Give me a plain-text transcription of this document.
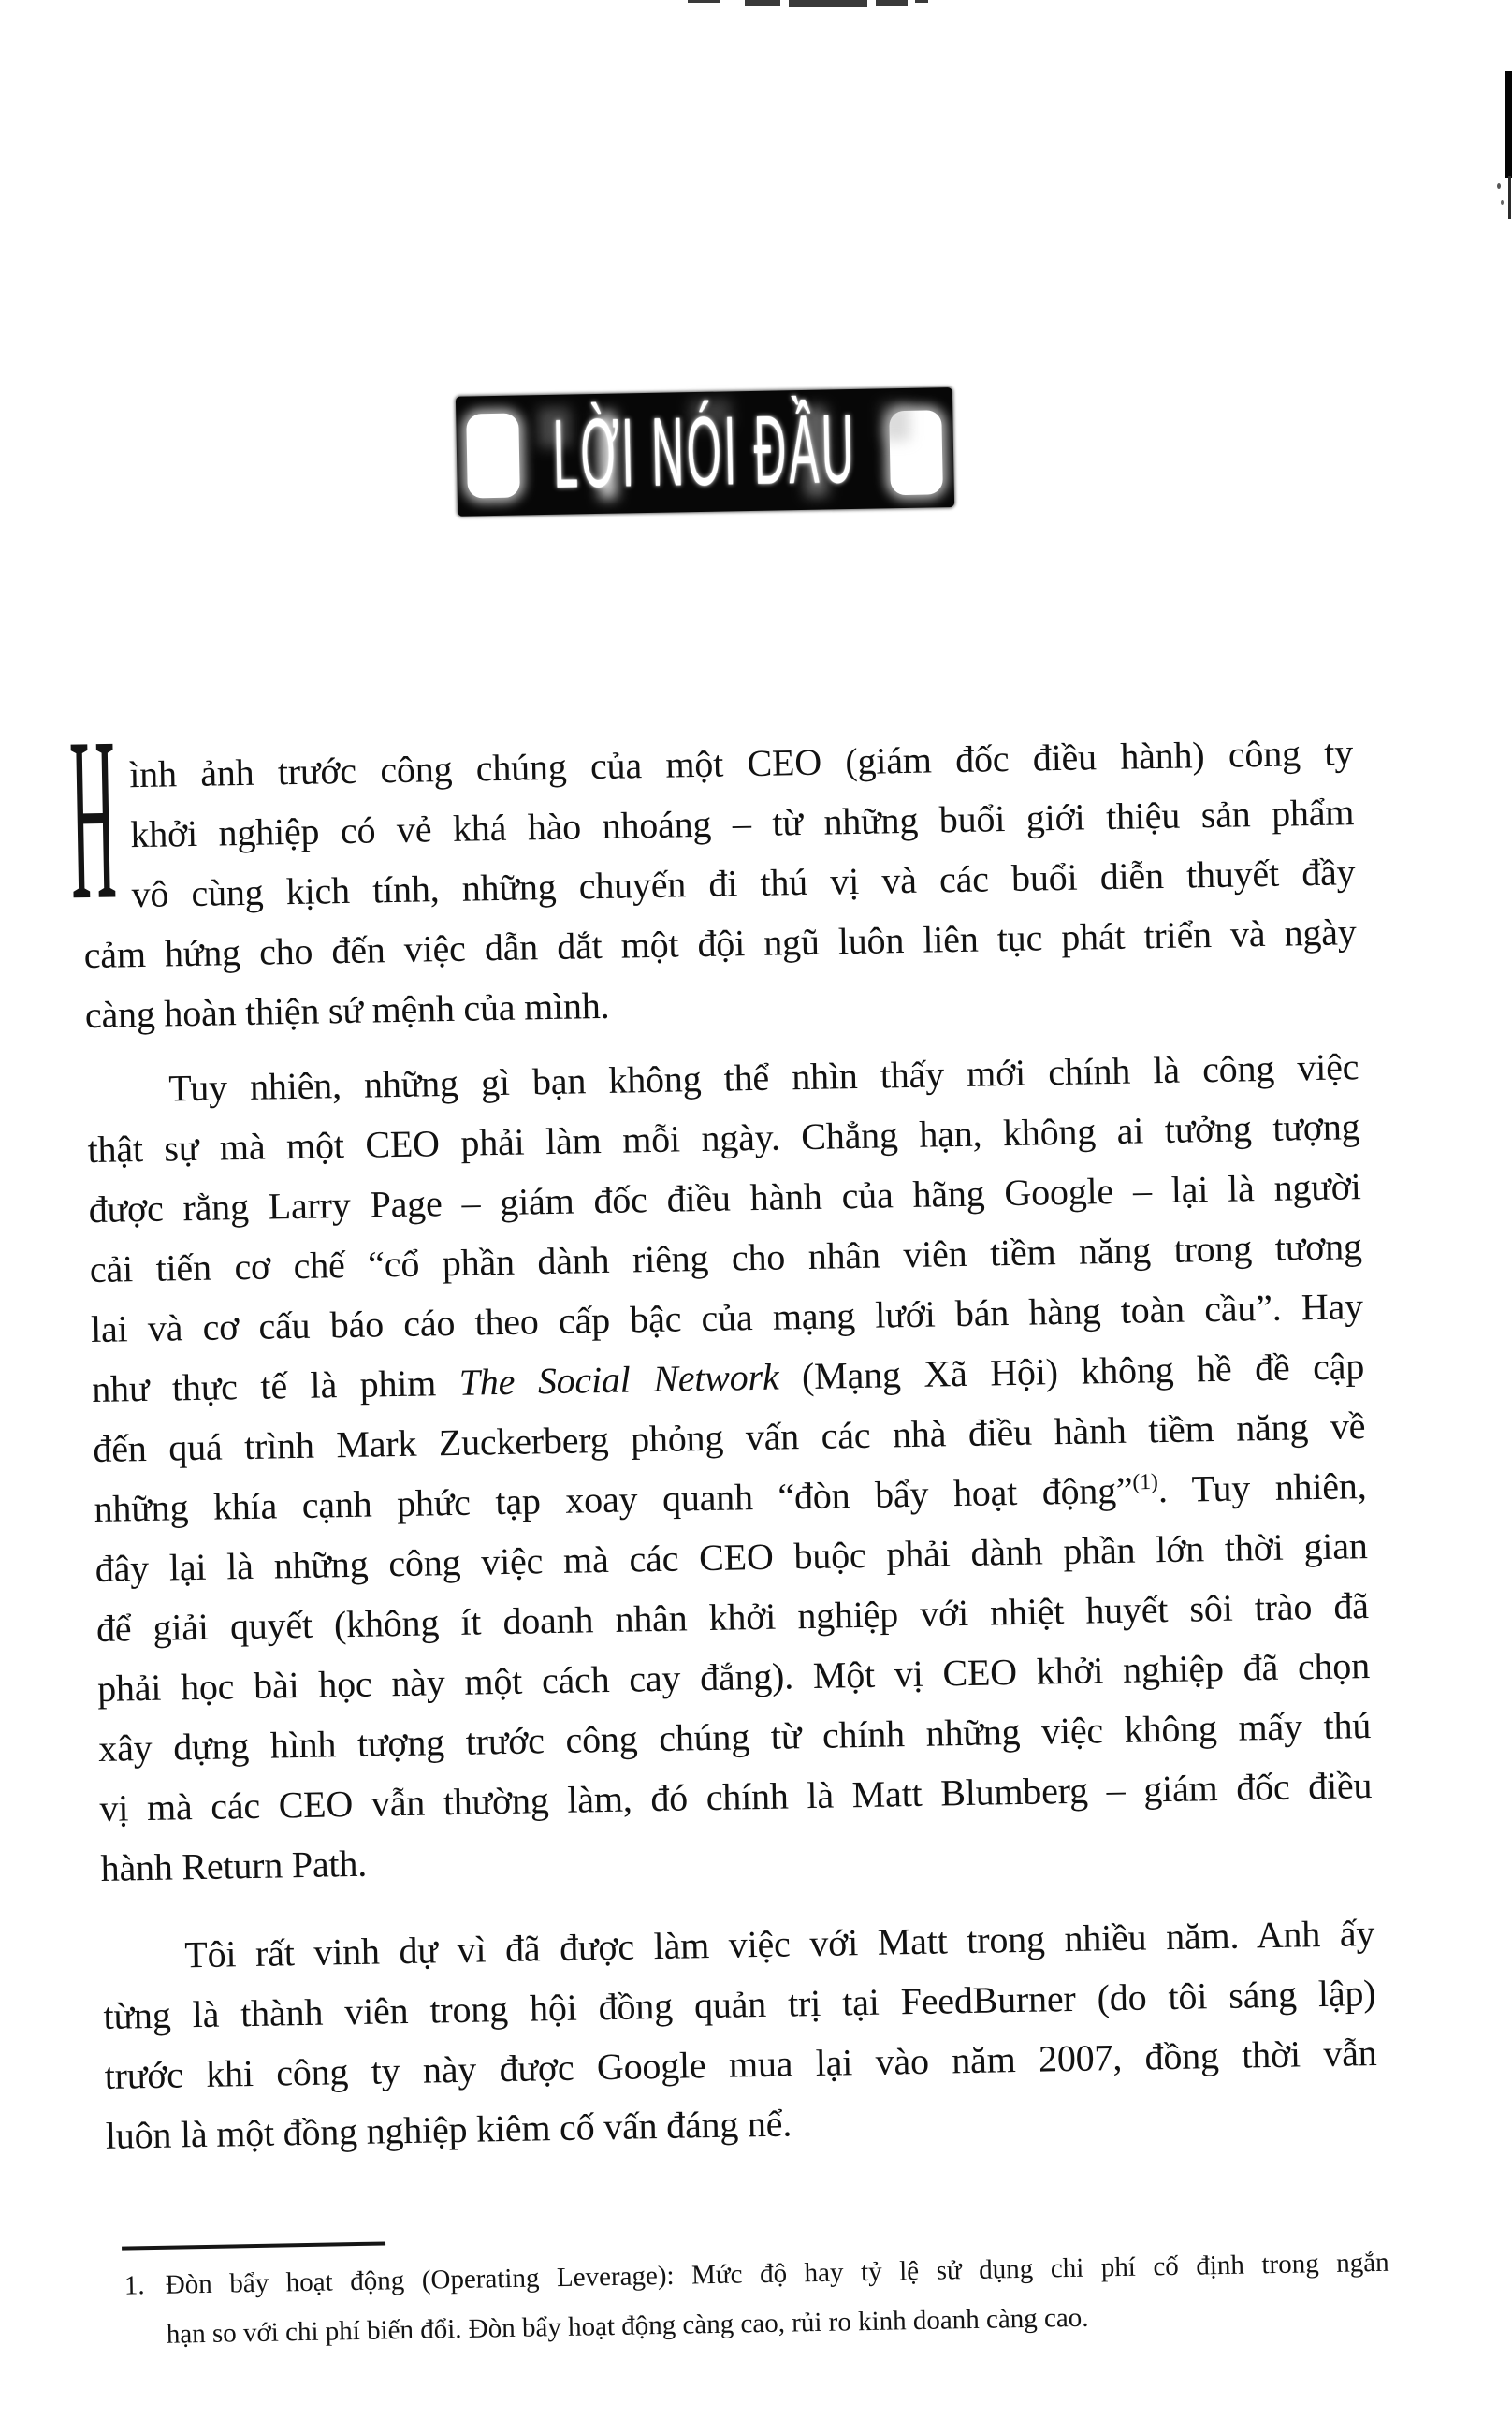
LỜI NÓI ĐẦU
H ình ảnh trước công chúng của một CEO (giám đốc điều hành) công ty
khởi nghiệp có vẻ khá hào nhoáng – từ những buổi giới thiệu sản phẩm
vô cùng kịch tính, những chuyến đi thú vị và các buổi diễn thuyết đầy
cảm hứng cho đến việc dẫn dắt một đội ngũ luôn liên tục phát triển và ngày
càng hoàn thiện sứ mệnh của mình.
Tuy nhiên, những gì bạn không thể nhìn thấy mới chính là công việc
thật sự mà một CEO phải làm mỗi ngày. Chẳng hạn, không ai tưởng tượng
được rằng Larry Page – giám đốc điều hành của hãng Google – lại là người
cải tiến cơ chế “cổ phần dành riêng cho nhân viên tiềm năng trong tương
lai và cơ cấu báo cáo theo cấp bậc của mạng lưới bán hàng toàn cầu”. Hay
như thực tế là phim The Social Network (Mạng Xã Hội) không hề đề cập
đến quá trình Mark Zuckerberg phỏng vấn các nhà điều hành tiềm năng về
những khía cạnh phức tạp xoay quanh “đòn bẩy hoạt động”$^{(1)}$. Tuy nhiên,
đây lại là những công việc mà các CEO buộc phải dành phần lớn thời gian
để giải quyết (không ít doanh nhân khởi nghiệp với nhiệt huyết sôi trào đã
phải học bài học này một cách cay đắng). Một vị CEO khởi nghiệp đã chọn
xây dựng hình tượng trước công chúng từ chính những việc không mấy thú
vị mà các CEO vẫn thường làm, đó chính là Matt Blumberg – giám đốc điều
hành Return Path.
Tôi rất vinh dự vì đã được làm việc với Matt trong nhiều năm. Anh ấy
từng là thành viên trong hội đồng quản trị tại FeedBurner (do tôi sáng lập)
trước khi công ty này được Google mua lại vào năm 2007, đồng thời vẫn
luôn là một đồng nghiệp kiêm cố vấn đáng nể.
1. Đòn bẩy hoạt động (Operating Leverage): Mức độ hay tỷ lệ sử dụng chi phí cố định trong ngắn
hạn so với chi phí biến đổi. Đòn bẩy hoạt động càng cao, rủi ro kinh doanh càng cao.
